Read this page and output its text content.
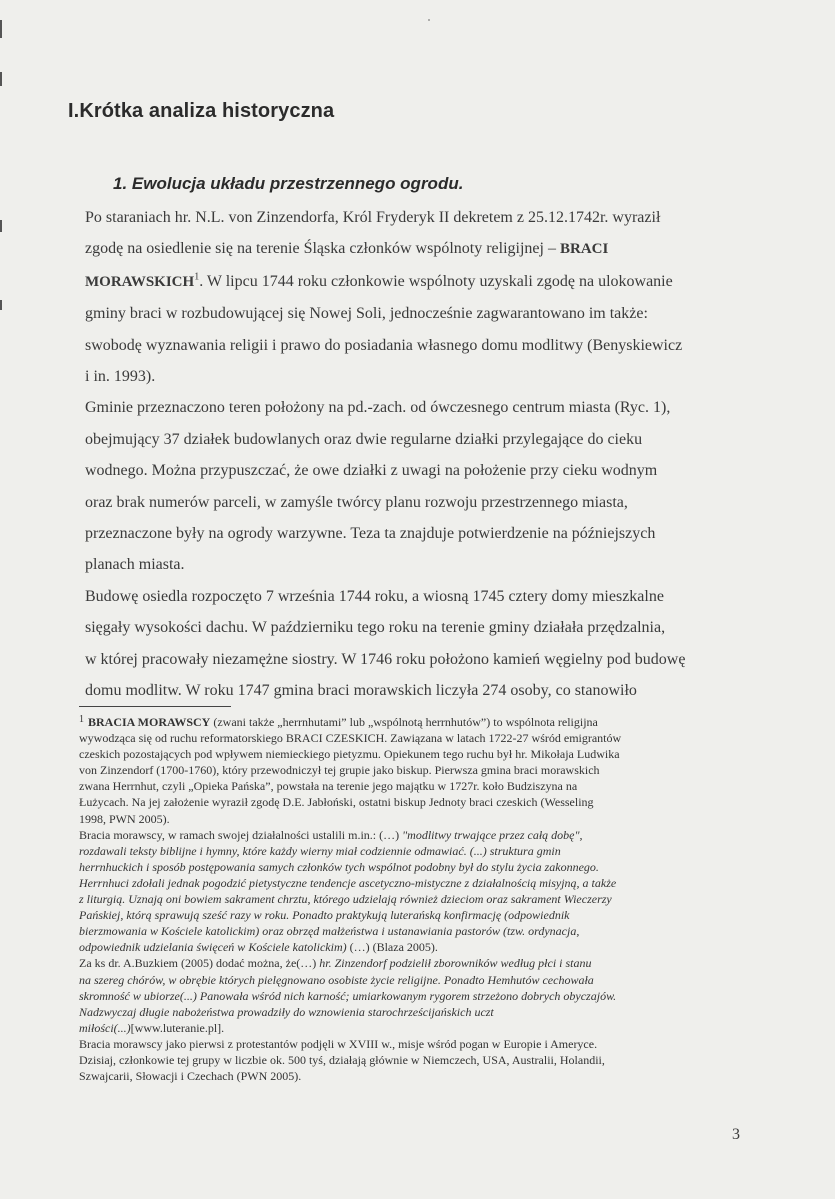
I.Krótka analiza historyczna
1. Ewolucja układu przestrzennego ogrodu.
Po staraniach hr. N.L. von Zinzendorfa, Król Fryderyk II dekretem z 25.12.1742r. wyraził
zgodę na osiedlenie się na terenie Śląska członków wspólnoty religijnej – BRACI
MORAWSKICH$^1$. W lipcu 1744 roku członkowie wspólnoty uzyskali zgodę na ulokowanie
gminy braci w rozbudowującej się Nowej Soli, jednocześnie zagwarantowano im także:
swobodę wyznawania religii i prawo do posiadania własnego domu modlitwy (Benyskiewicz
i in. 1993).
Gminie przeznaczono teren położony na pd.-zach. od ówczesnego centrum miasta (Ryc. 1),
obejmujący 37 działek budowlanych oraz dwie regularne działki przylegające do cieku
wodnego. Można przypuszczać, że owe działki z uwagi na położenie przy cieku wodnym
oraz brak numerów parceli, w zamyśle twórcy planu rozwoju przestrzennego miasta,
przeznaczone były na ogrody warzywne. Teza ta znajduje potwierdzenie na późniejszych
planach miasta.
Budowę osiedla rozpoczęto 7 września 1744 roku, a wiosną 1745 cztery domy mieszkalne
sięgały wysokości dachu. W październiku tego roku na terenie gminy działała przędzalnia,
w której pracowały niezamężne siostry. W 1746 roku położono kamień węgielny pod budowę
domu modlitw. W roku 1747 gmina braci morawskich liczyła 274 osoby, co stanowiło
$^1$ BRACIA MORAWSCY (zwani także „herrnhutami” lub „wspólnotą herrnhutów”) to wspólnota religijna
wywodząca się od ruchu reformatorskiego BRACI CZESKICH. Zawiązana w latach 1722-27 wśród emigrantów
czeskich pozostających pod wpływem niemieckiego pietyzmu. Opiekunem tego ruchu był hr. Mikołaja Ludwika
von Zinzendorf (1700-1760), który przewodniczył tej grupie jako biskup. Pierwsza gmina braci morawskich
zwana Herrnhut, czyli „Opieka Pańska”, powstała na terenie jego majątku w 1727r. koło Budziszyna na
Łużycach. Na jej założenie wyraził zgodę D.E. Jabłoński, ostatni biskup Jednoty braci czeskich (Wesseling
1998, PWN 2005).
Bracia morawscy, w ramach swojej działalności ustalili m.in.: (…) "modlitwy trwające przez całą dobę",
rozdawali teksty biblijne i hymny, które każdy wierny miał codziennie odmawiać. (...) struktura gmin
herrnhuckich i sposób postępowania samych członków tych wspólnot podobny był do stylu życia zakonnego.
Herrnhuci zdołali jednak pogodzić pietystyczne tendencje ascetyczno-mistyczne z działalnością misyjną, a także
z liturgią. Uznają oni bowiem sakrament chrztu, którego udzielają również dzieciom oraz sakrament Wieczerzy
Pańskiej, którą sprawują sześć razy w roku. Ponadto praktykują luterańską konfirmację (odpowiednik
bierzmowania w Kościele katolickim) oraz obrzęd małżeństwa i ustanawiania pastorów (tzw. ordynacja,
odpowiednik udzielania święceń w Kościele katolickim) (…) (Blaza 2005).
Za ks dr. A.Buzkiem (2005) dodać można, że(…) hr. Zinzendorf podzielił zborowników według płci i stanu
na szereg chórów, w obrębie których pielęgnowano osobiste życie religijne. Ponadto Hemhutów cechowała
skromność w ubiorze(...) Panowała wśród nich karność; umiarkowanym rygorem strzeżono dobrych obyczajów.
Nadzwyczaj długie nabożeństwa prowadziły do wznowienia starochrześcijańskich uczt
miłości(...)[www.luteranie.pl].
Bracia morawscy jako pierwsi z protestantów podjęli w XVIII w., misje wśród pogan w Europie i Ameryce.
Dzisiaj, członkowie tej grupy w liczbie ok. 500 tyś, działają głównie w Niemczech, USA, Australii, Holandii,
Szwajcarii, Słowacji i Czechach (PWN 2005).
3
